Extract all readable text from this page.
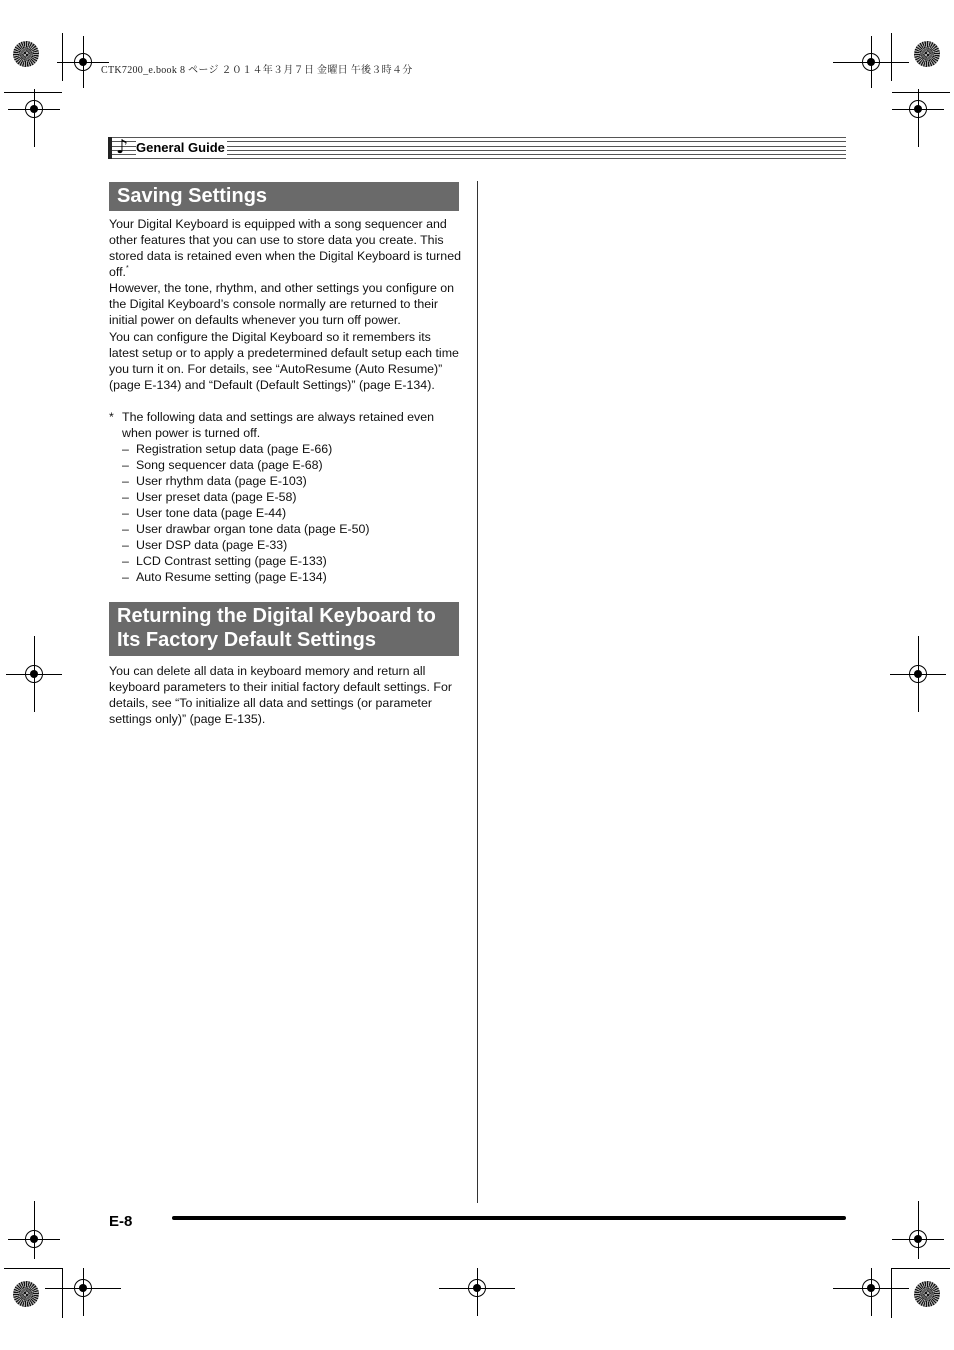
CTK7200_e.book 8 ページ ２０１４年３月７日 金曜日 午後３時４分
♪ General Guide
Saving Settings

Your Digital Keyboard is equipped with a song sequencer and other features that you can use to store data you create. This stored data is retained even when the Digital Keyboard is turned off.*

However, the tone, rhythm, and other settings you configure on the Digital Keyboard’s console normally are returned to their initial power on defaults whenever you turn off power.

You can configure the Digital Keyboard so it remembers its latest setup or to apply a predetermined default setup each time you turn it on. For details, see “AutoResume (Auto Resume)” (page E-134) and “Default (Default Settings)” (page E-134).

* The following data and settings are always retained even when power is turned off.
– Registration setup data (page E-66)
– Song sequencer data (page E-68)
– User rhythm data (page E-103)
– User preset data (page E-58)
– User tone data (page E-44)
– User drawbar organ tone data (page E-50)
– User DSP data (page E-33)
– LCD Contrast setting (page E-133)
– Auto Resume setting (page E-134)
Returning the Digital Keyboard to
Its Factory Default Settings

You can delete all data in keyboard memory and return all keyboard parameters to their initial factory default settings. For details, see “To initialize all data and settings (or parameter settings only)” (page E-135).

E-8
